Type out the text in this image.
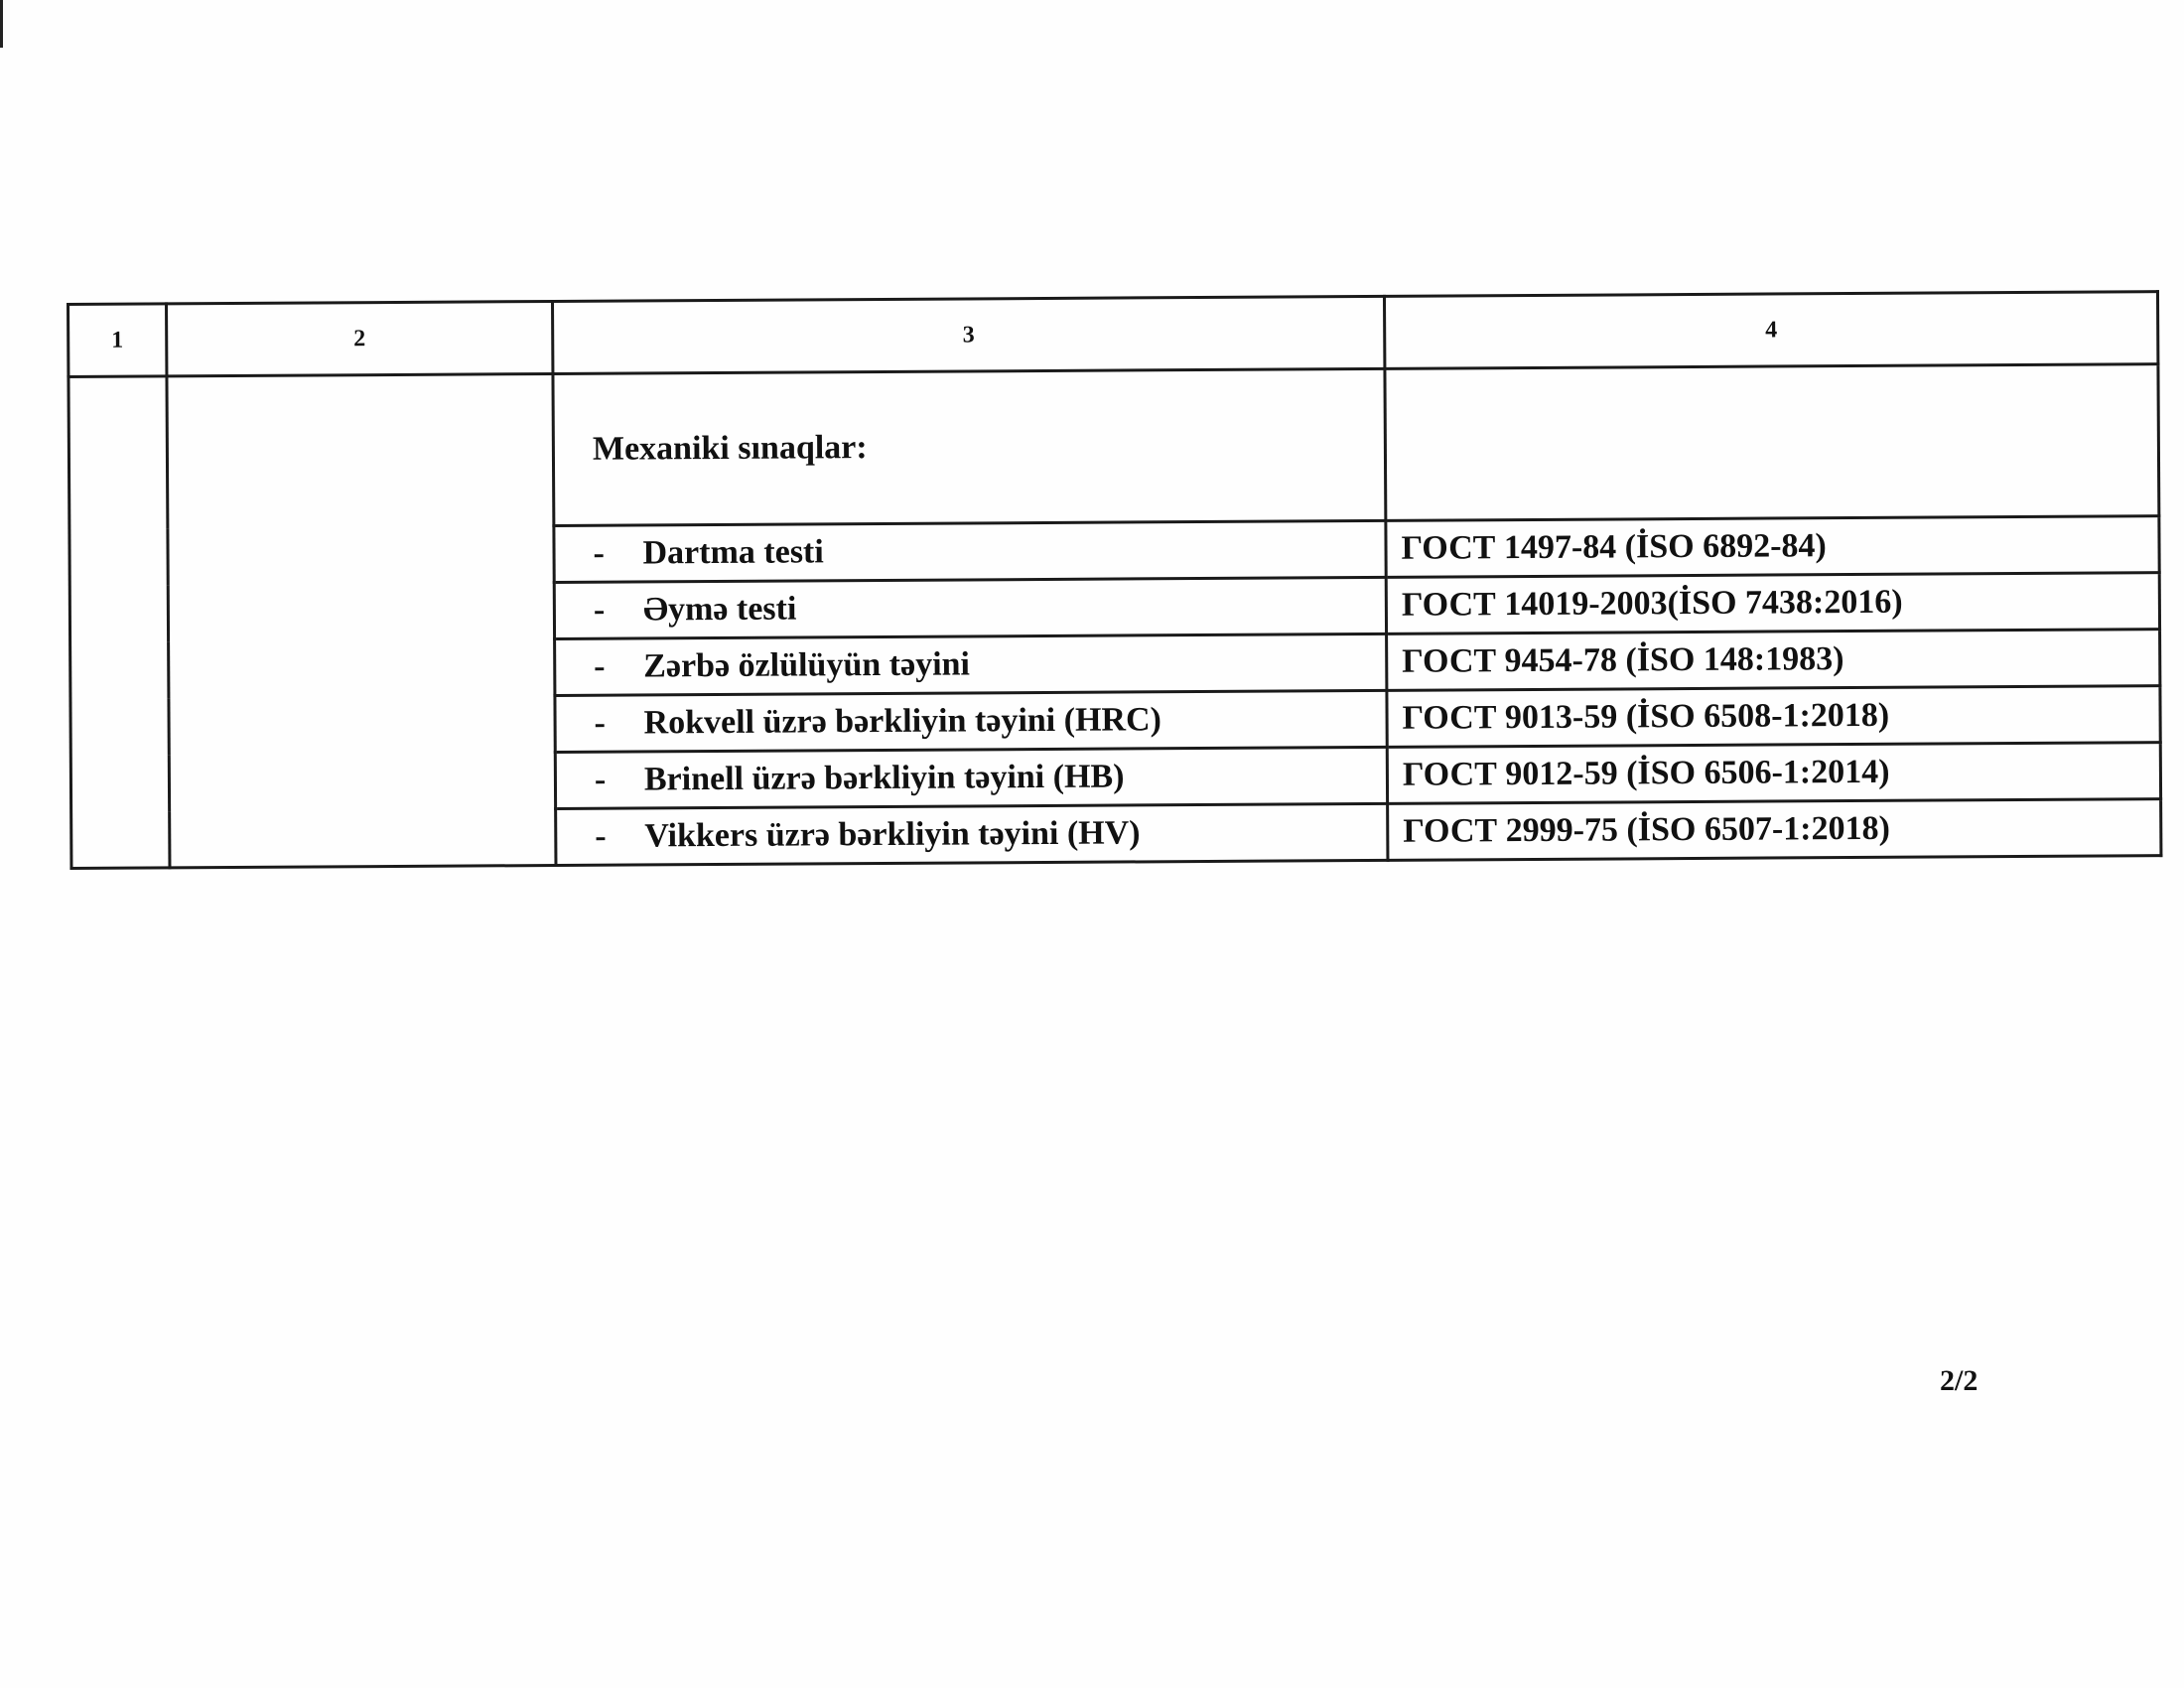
1	2	3	4
		Mexaniki sınaqlar:	
		- Dartma testi	ГОСТ 1497-84 (İSO 6892-84)
		- Əymə testi	ГОСТ 14019-2003(İSO 7438:2016)
		- Zərbə özlülüyün təyini	ГОСТ 9454-78 (İSO 148:1983)
		- Rokvell üzrə bərkliyin təyini (HRC)	ГОСТ 9013-59 (İSO 6508-1:2018)
		- Brinell üzrə bərkliyin təyini (HB)	ГОСТ 9012-59 (İSO 6506-1:2014)
		- Vikkers üzrə bərkliyin təyini (HV)	ГОСТ 2999-75 (İSO 6507-1:2018)
2/2
